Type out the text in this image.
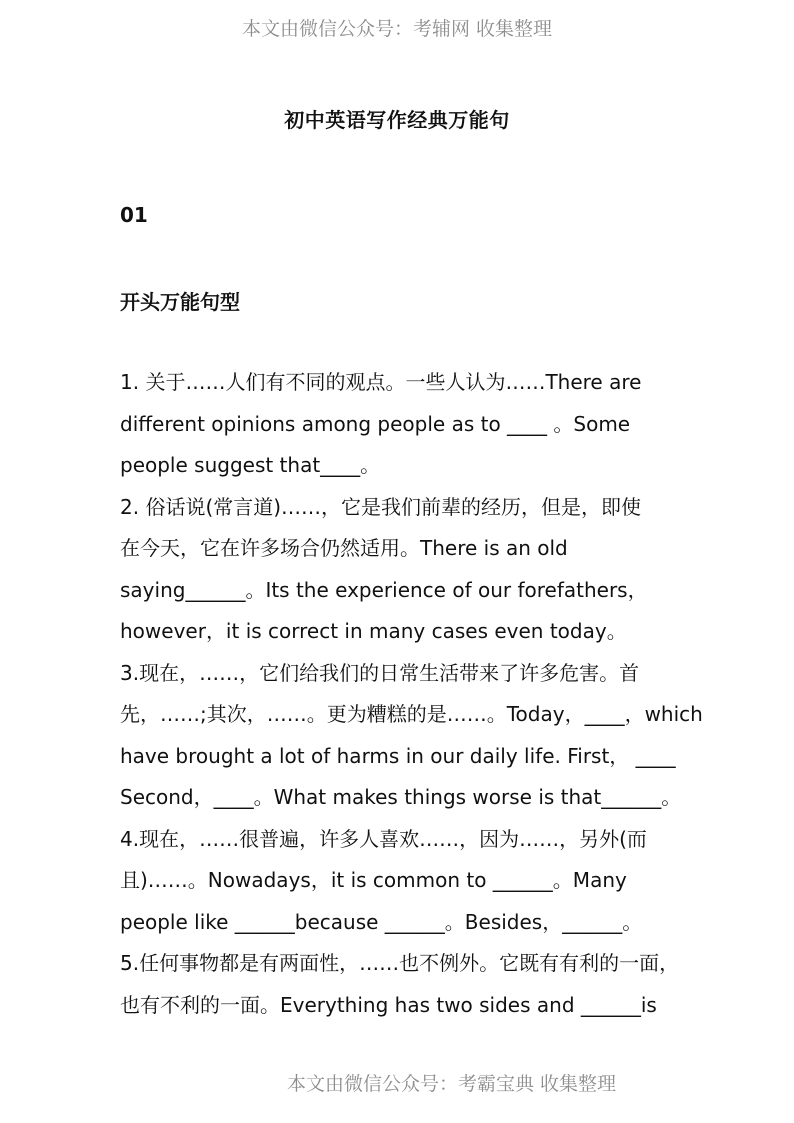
本文由微信公众号：考辅网 收集整理
初中英语写作经典万能句
01
开头万能句型
1. 关于……人们有不同的观点。一些人认为……There are
different opinions among people as to ____ 。Some
people suggest that____。
2. 俗话说(常言道)……，它是我们前辈的经历，但是，即使
在今天，它在许多场合仍然适用。There is an old
saying______。Its the experience of our forefathers，
however，it is correct in many cases even today。
3.现在，……，它们给我们的日常生活带来了许多危害。首
先，……;其次，……。更为糟糕的是……。Today，____，which
have brought a lot of harms in our daily life. First， ____
Second，____。What makes things worse is that______。
4.现在，……很普遍，许多人喜欢……，因为……，另外(而
且)……。Nowadays，it is common to ______。Many
people like ______because ______。Besides，______。
5.任何事物都是有两面性，……也不例外。它既有有利的一面，
也有不利的一面。Everything has two sides and ______is
本文由微信公众号：考霸宝典 收集整理
